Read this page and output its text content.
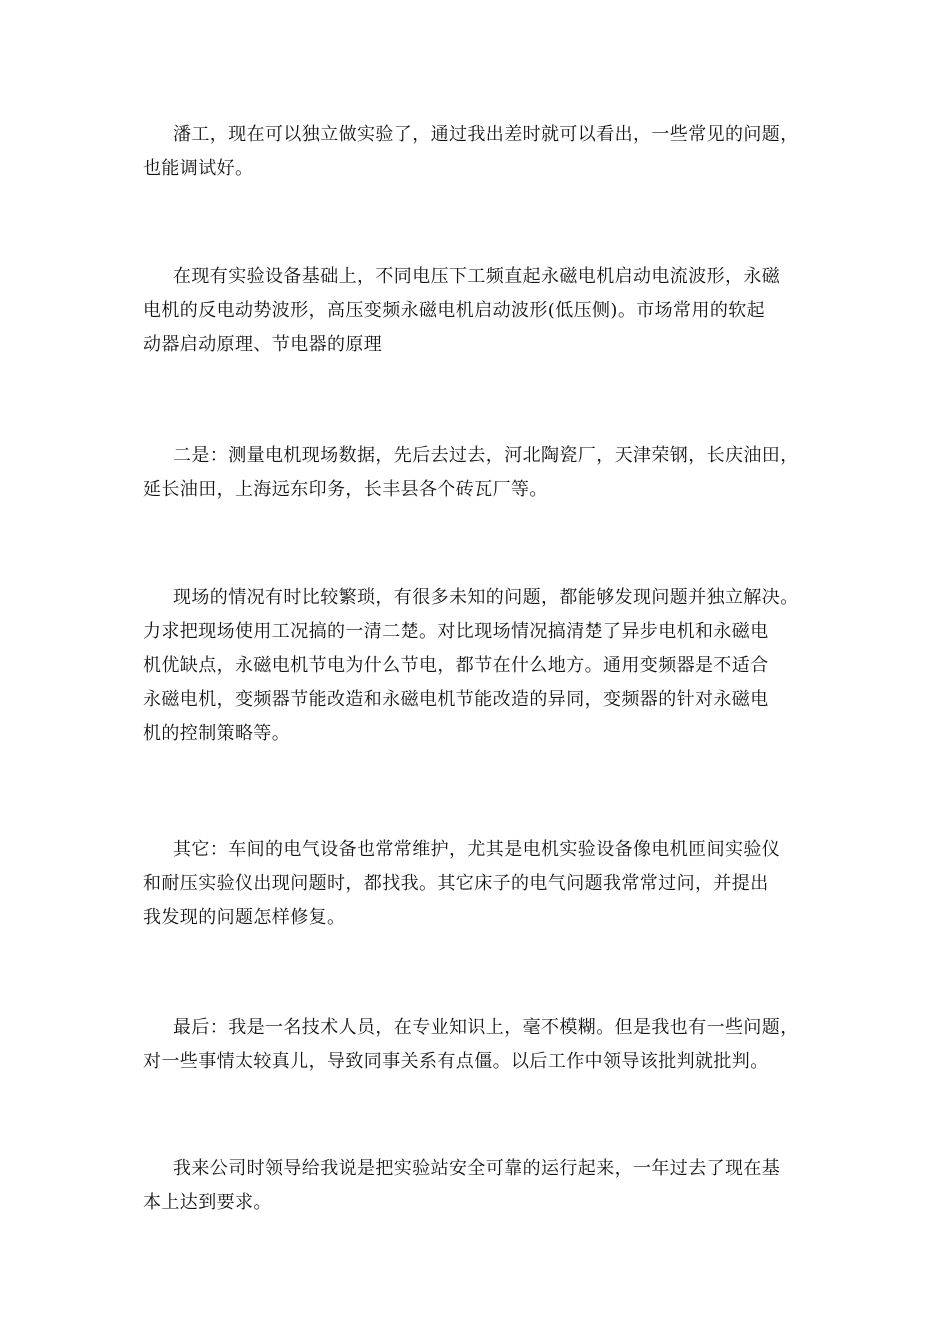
潘工，现在可以独立做实验了，通过我出差时就可以看出，一些常见的问题，
也能调试好。
在现有实验设备基础上，不同电压下工频直起永磁电机启动电流波形，永磁
电机的反电动势波形，高压变频永磁电机启动波形(低压侧)。市场常用的软起
动器启动原理、节电器的原理
二是：测量电机现场数据，先后去过去，河北陶瓷厂，天津荣钢，长庆油田，
延长油田，上海远东印务，长丰县各个砖瓦厂等。
现场的情况有时比较繁琐，有很多未知的问题，都能够发现问题并独立解决。
力求把现场使用工况搞的一清二楚。对比现场情况搞清楚了异步电机和永磁电
机优缺点，永磁电机节电为什么节电，都节在什么地方。通用变频器是不适合
永磁电机，变频器节能改造和永磁电机节能改造的异同，变频器的针对永磁电
机的控制策略等。
其它：车间的电气设备也常常维护，尤其是电机实验设备像电机匝间实验仪
和耐压实验仪出现问题时，都找我。其它床子的电气问题我常常过问，并提出
我发现的问题怎样修复。
最后：我是一名技术人员，在专业知识上，毫不模糊。但是我也有一些问题，
对一些事情太较真儿，导致同事关系有点僵。以后工作中领导该批判就批判。
我来公司时领导给我说是把实验站安全可靠的运行起来，一年过去了现在基
本上达到要求。
